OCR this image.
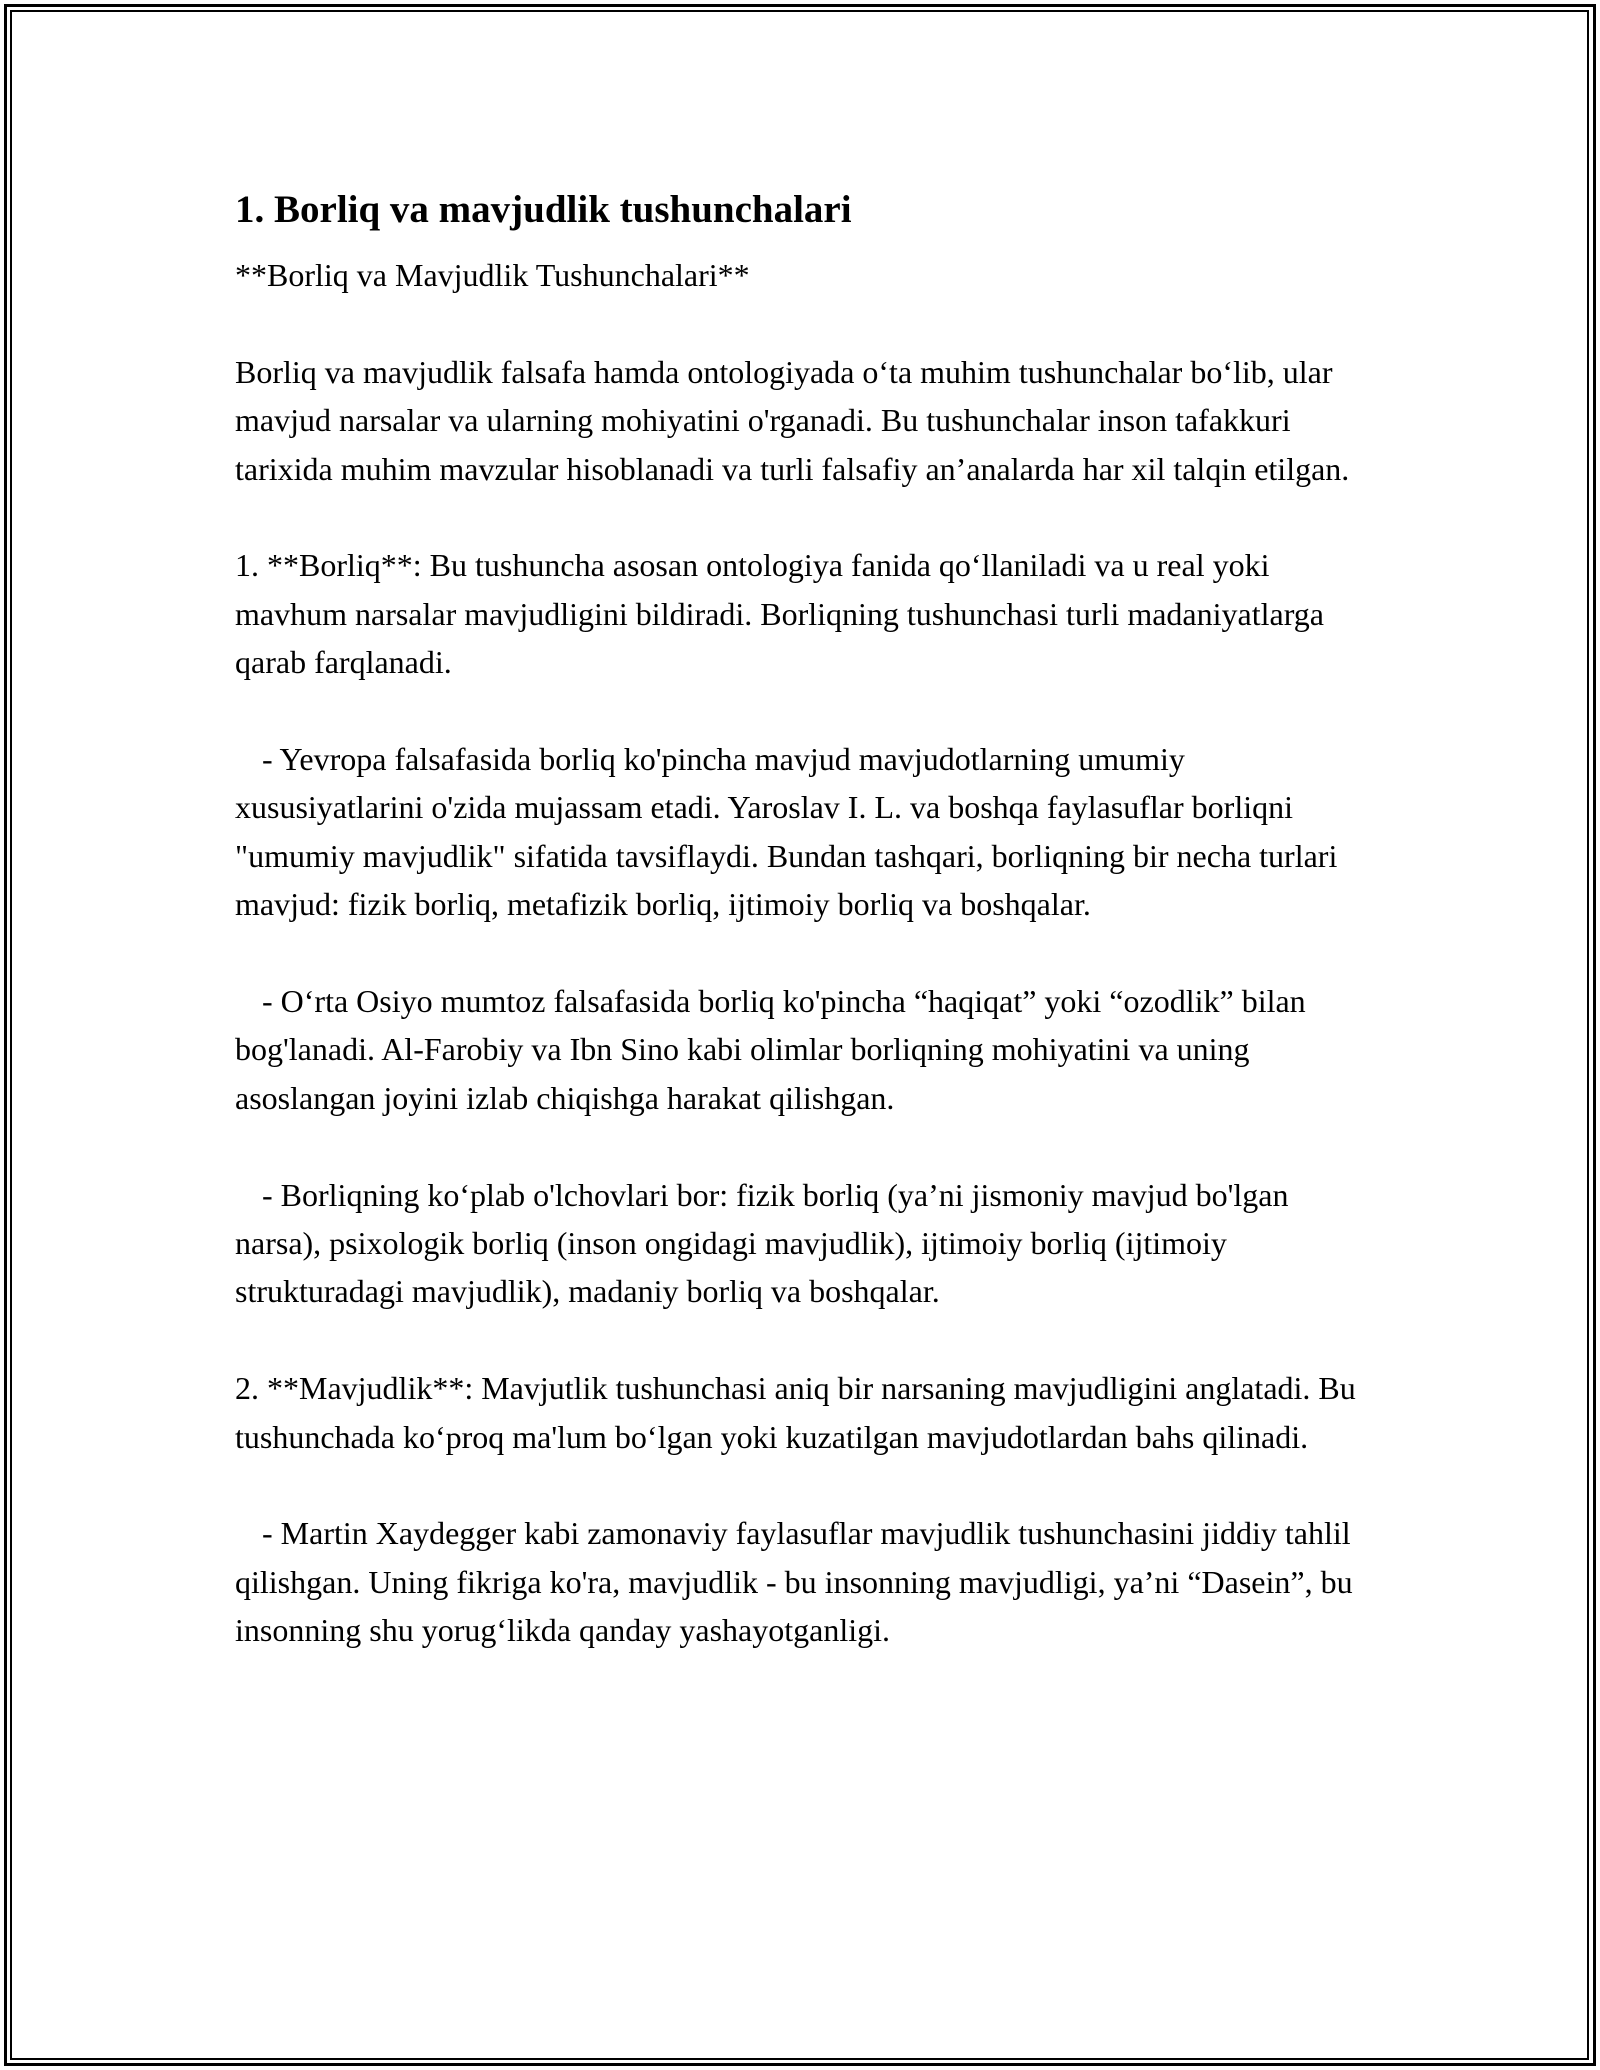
1. Borliq va mavjudlik tushunchalari

**Borliq va Mavjudlik Tushunchalari**

Borliq va mavjudlik falsafa hamda ontologiyada o‘ta muhim tushunchalar bo‘lib, ular mavjud narsalar va ularning mohiyatini o'rganadi. Bu tushunchalar inson tafakkuri tarixida muhim mavzular hisoblanadi va turli falsafiy an’analarda har xil talqin etilgan.

1. **Borliq**: Bu tushuncha asosan ontologiya fanida qo‘llaniladi va u real yoki mavhum narsalar mavjudligini bildiradi. Borliqning tushunchasi turli madaniyatlarga qarab farqlanadi.

- Yevropa falsafasida borliq ko'pincha mavjud mavjudotlarning umumiy xususiyatlarini o'zida mujassam etadi. Yaroslav I. L. va boshqa faylasuflar borliqni "umumiy mavjudlik" sifatida tavsiflaydi. Bundan tashqari, borliqning bir necha turlari mavjud: fizik borliq, metafizik borliq, ijtimoiy borliq va boshqalar.

- O‘rta Osiyo mumtoz falsafasida borliq ko'pincha “haqiqat” yoki “ozodlik” bilan bog'lanadi. Al-Farobiy va Ibn Sino kabi olimlar borliqning mohiyatini va uning asoslangan joyini izlab chiqishga harakat qilishgan.

- Borliqning ko‘plab o'lchovlari bor: fizik borliq (ya’ni jismoniy mavjud bo'lgan narsa), psixologik borliq (inson ongidagi mavjudlik), ijtimoiy borliq (ijtimoiy strukturadagi mavjudlik), madaniy borliq va boshqalar.

2. **Mavjudlik**: Mavjutlik tushunchasi aniq bir narsaning mavjudligini anglatadi. Bu tushunchada ko‘proq ma'lum bo‘lgan yoki kuzatilgan mavjudotlardan bahs qilinadi.

- Martin Xaydegger kabi zamonaviy faylasuflar mavjudlik tushunchasini jiddiy tahlil qilishgan. Uning fikriga ko'ra, mavjudlik - bu insonning mavjudligi, ya’ni “Dasein”, bu insonning shu yorug‘likda qanday yashayotganligi.
